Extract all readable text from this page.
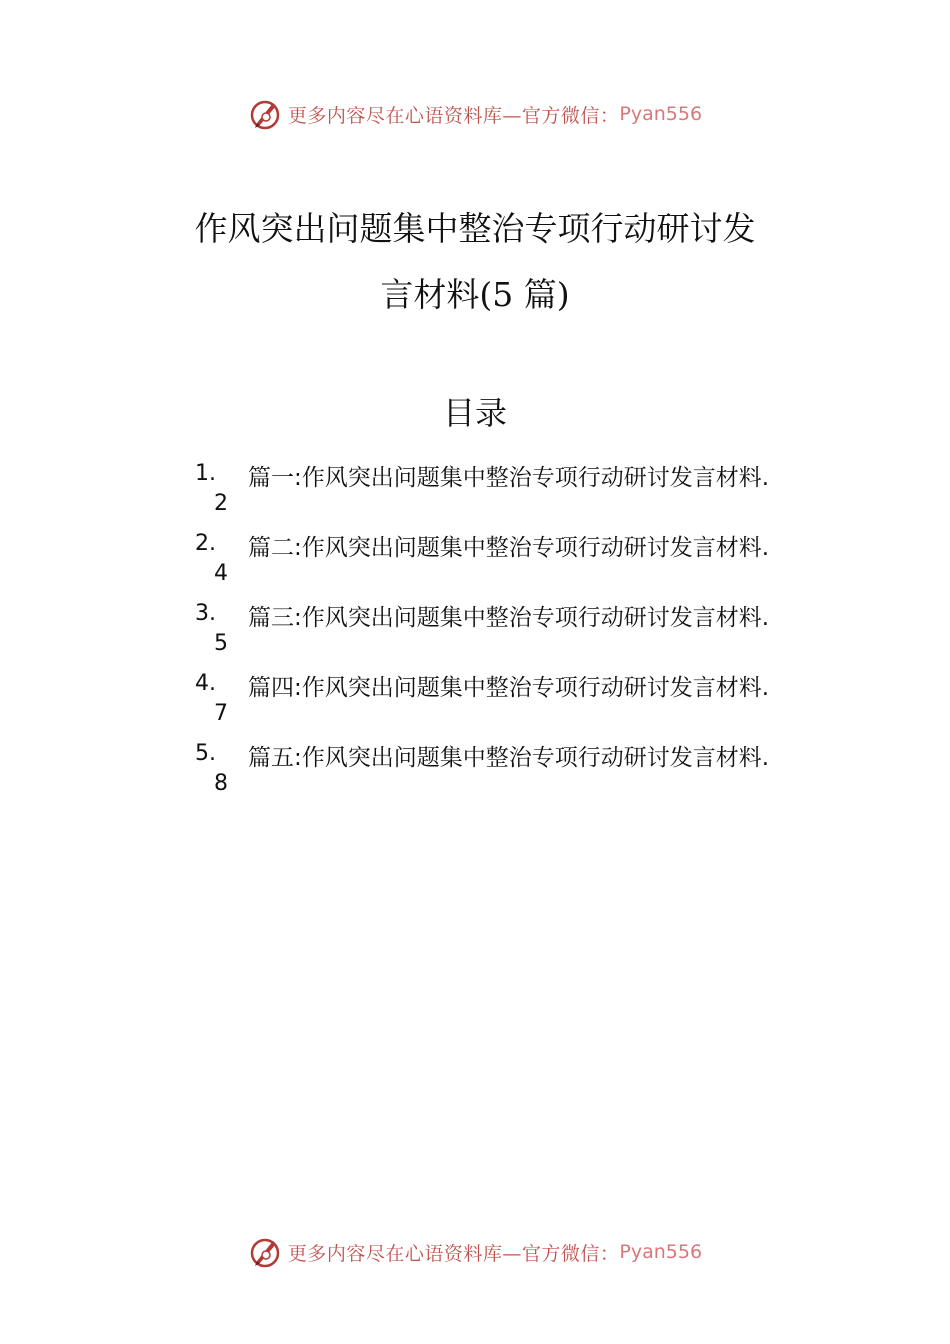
更多内容尽在心语资料库—官方微信： Pyan556
作风突出问题集中整治专项行动研讨发
言材料(5 篇)
目录
1. 篇一:作风突出问题集中整治专项行动研讨发言材料.
2
2. 篇二:作风突出问题集中整治专项行动研讨发言材料.
4
3. 篇三:作风突出问题集中整治专项行动研讨发言材料.
5
4. 篇四:作风突出问题集中整治专项行动研讨发言材料.
7
5. 篇五:作风突出问题集中整治专项行动研讨发言材料.
8
更多内容尽在心语资料库—官方微信： Pyan556
